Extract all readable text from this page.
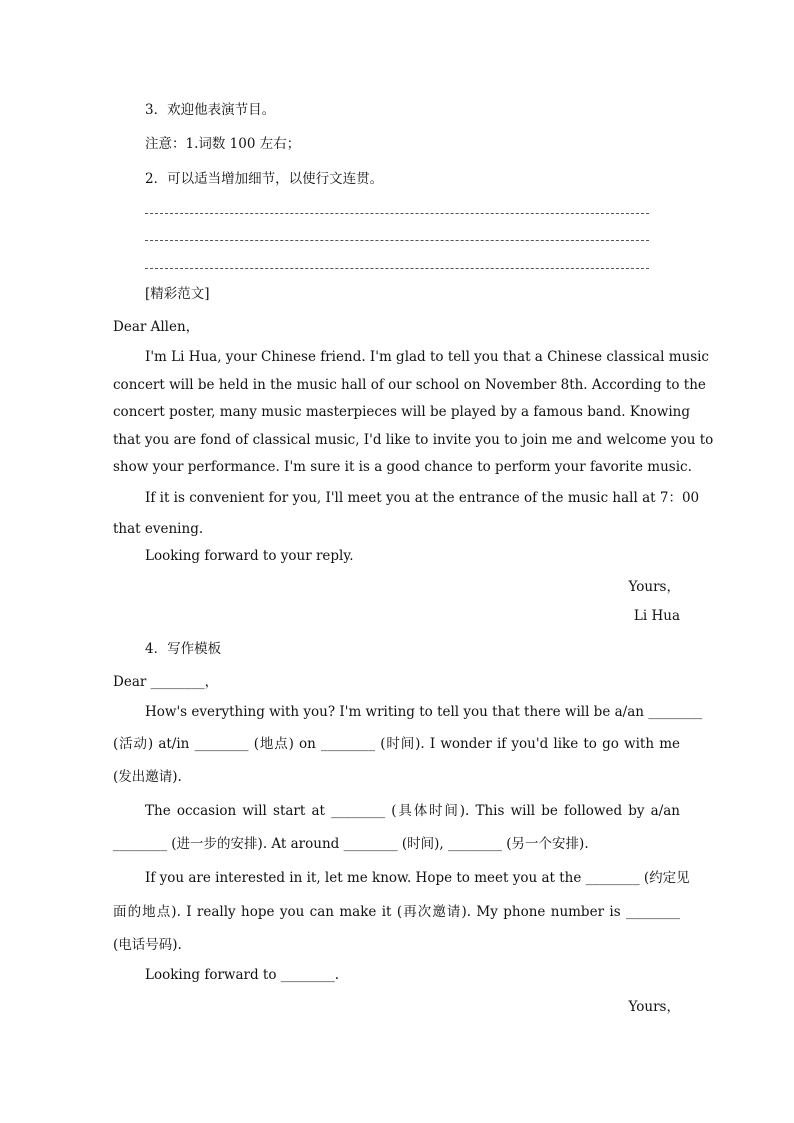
3．欢迎他表演节目。
注意：1.词数 100 左右；
2．可以适当增加细节，以使行文连贯。
[精彩范文]
Dear Allen，
I'm Li Hua, your Chinese friend. I'm glad to tell you that a Chinese classical music
concert will be held in the music hall of our school on November 8th. According to the
concert poster, many music masterpieces will be played by a famous band. Knowing
that you are fond of classical music, I'd like to invite you to join me and welcome you to
show your performance. I'm sure it is a good chance to perform your favorite music.
If it is convenient for you, I'll meet you at the entrance of the music hall at 7：00
that evening.
Looking forward to your reply.
Yours，
Li Hua
4．写作模板
Dear ________，
How's everything with you? I'm writing to tell you that there will be a/an ________
(活动) at/in ________ (地点) on ________ (时间). I wonder if you'd like to go with me
(发出邀请).
The occasion will start at ________ (具体时间). This will be followed by a/an
________ (进一步的安排). At around ________ (时间), ________ (另一个安排).
If you are interested in it, let me know. Hope to meet you at the ________ (约定见
面的地点). I really hope you can make it (再次邀请). My phone number is ________
(电话号码).
Looking forward to ________.
Yours，
